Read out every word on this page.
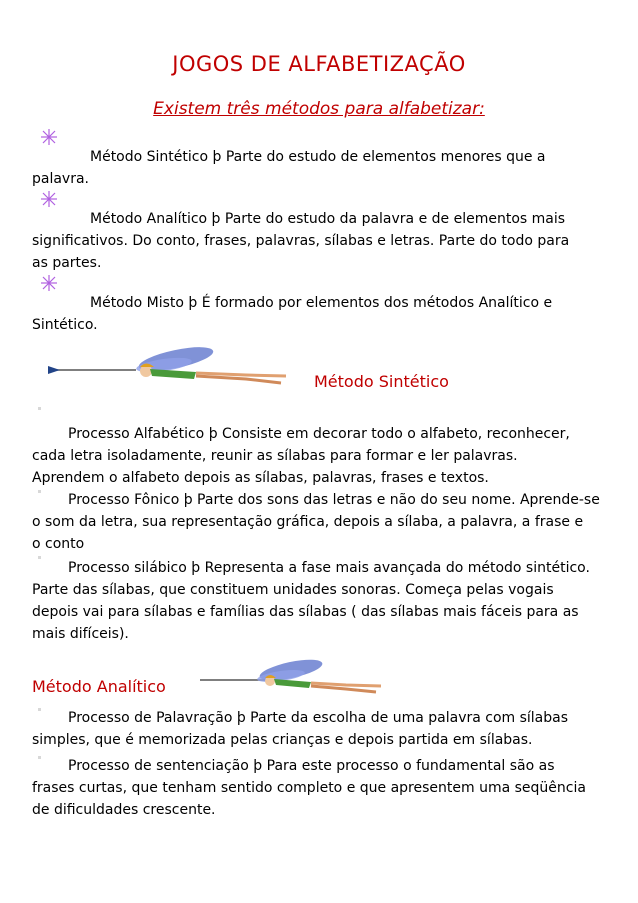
JOGOS DE ALFABETIZAÇÃO
Existem três métodos para alfabetizar:
Método Sintético þ Parte do estudo de elementos menores que a
palavra.
Método Analítico þ Parte do estudo da palavra e de elementos mais
significativos. Do conto, frases, palavras, sílabas e letras. Parte do todo para
as partes.
Método Misto þ É formado por elementos dos métodos Analítico e
Sintético.
Método Sintético
Processo Alfabético þ Consiste em decorar todo o alfabeto, reconhecer,
cada letra isoladamente, reunir as sílabas para formar e ler palavras.
Aprendem o alfabeto depois as sílabas, palavras, frases e textos.
Processo Fônico þ Parte dos sons das letras e não do seu nome. Aprende-se
o som da letra, sua representação gráfica, depois a sílaba, a palavra, a frase e
o conto
Processo silábico þ Representa a fase mais avançada do método sintético.
Parte das sílabas, que constituem unidades sonoras. Começa pelas vogais
depois vai para sílabas e famílias das sílabas ( das sílabas mais fáceis para as
mais difíceis).
Método Analítico
Processo de Palavração þ Parte da escolha de uma palavra com sílabas
simples, que é memorizada pelas crianças e depois partida em sílabas.
Processo de sentenciação þ Para este processo o fundamental são as
frases curtas, que tenham sentido completo e que apresentem uma seqüência
de dificuldades crescente.
